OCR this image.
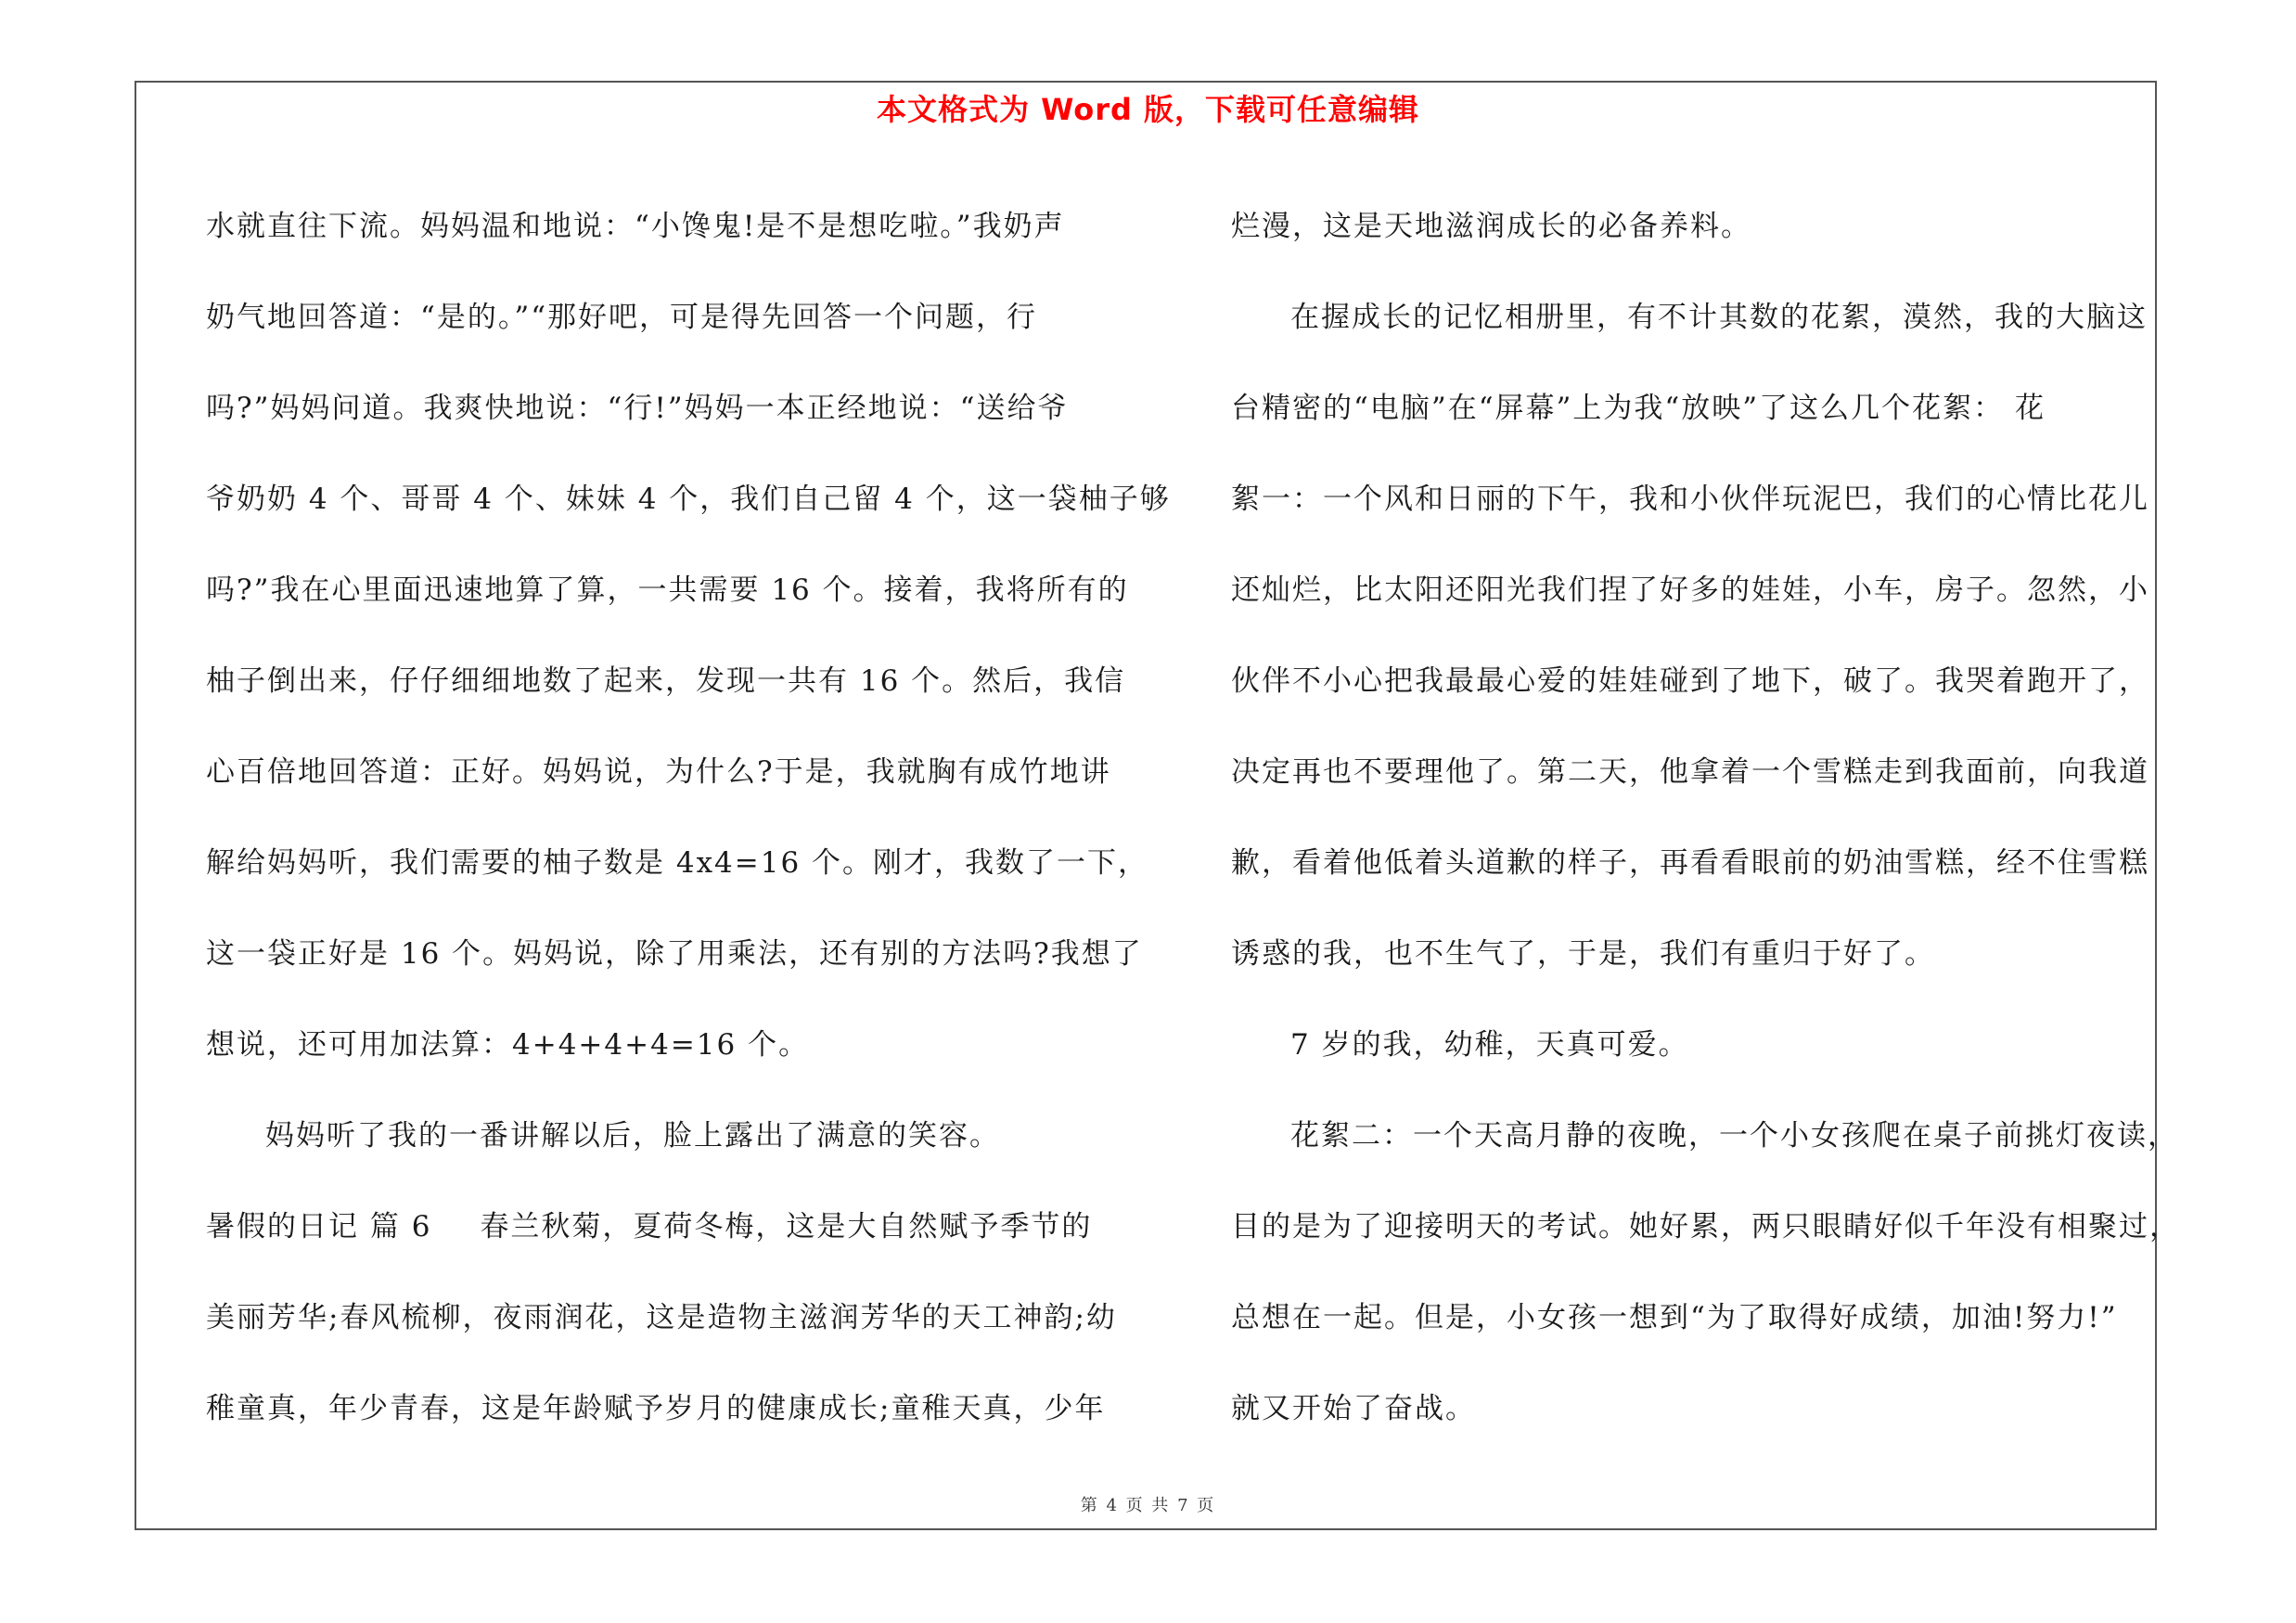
本文格式为 Word 版，下载可任意编辑
水就直往下流。妈妈温和地说：“小馋鬼!是不是想吃啦。”我奶声
奶气地回答道：“是的。”“那好吧，可是得先回答一个问题，行
吗?”妈妈问道。我爽快地说：“行!”妈妈一本正经地说：“送给爷
爷奶奶 4 个、哥哥 4 个、妹妹 4 个，我们自己留 4 个，这一袋柚子够
吗?”我在心里面迅速地算了算，一共需要 16 个。接着，我将所有的
柚子倒出来，仔仔细细地数了起来，发现一共有 16 个。然后，我信
心百倍地回答道：正好。妈妈说，为什么?于是，我就胸有成竹地讲
解给妈妈听，我们需要的柚子数是 4x4=16 个。刚才，我数了一下，
这一袋正好是 16 个。妈妈说，除了用乘法，还有别的方法吗?我想了
想说，还可用加法算：4+4+4+4=16 个。
妈妈听了我的一番讲解以后，脸上露出了满意的笑容。
暑假的日记 篇 6 春兰秋菊，夏荷冬梅，这是大自然赋予季节的
美丽芳华;春风梳柳，夜雨润花，这是造物主滋润芳华的天工神韵;幼
稚童真，年少青春，这是年龄赋予岁月的健康成长;童稚天真，少年
烂漫，这是天地滋润成长的必备养料。
在握成长的记忆相册里，有不计其数的花絮，漠然，我的大脑这
台精密的“电脑”在“屏幕”上为我“放映”了这么几个花絮： 花
絮一：一个风和日丽的下午，我和小伙伴玩泥巴，我们的心情比花儿
还灿烂，比太阳还阳光我们捏了好多的娃娃，小车，房子。忽然，小
伙伴不小心把我最最心爱的娃娃碰到了地下，破了。我哭着跑开了，
决定再也不要理他了。第二天，他拿着一个雪糕走到我面前，向我道
歉，看着他低着头道歉的样子，再看看眼前的奶油雪糕，经不住雪糕
诱惑的我，也不生气了，于是，我们有重归于好了。
7 岁的我，幼稚，天真可爱。
花絮二：一个天高月静的夜晚，一个小女孩爬在桌子前挑灯夜读，
目的是为了迎接明天的考试。她好累，两只眼睛好似千年没有相聚过，
总想在一起。但是，小女孩一想到“为了取得好成绩，加油!努力!”
就又开始了奋战。
第 4 页 共 7 页
